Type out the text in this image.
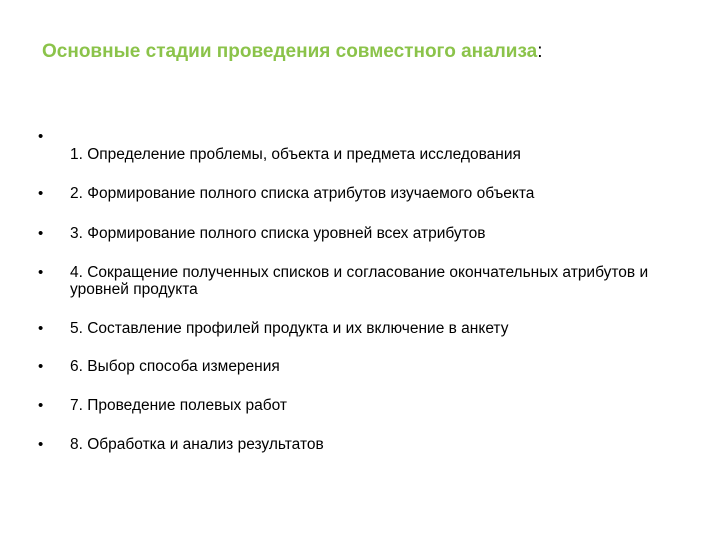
Основные стадии проведения совместного анализа:
•
1. Определение проблемы, объекта и предмета исследования
• 2. Формирование полного списка атрибутов изучаемого объекта
• 3. Формирование полного списка уровней всех атрибутов
• 4. Сокращение полученных списков и согласование окончательных атрибутов и уровней продукта
• 5. Составление профилей продукта и их включение в анкету
• 6. Выбор способа измерения
• 7. Проведение полевых работ
• 8. Обработка и анализ результатов
